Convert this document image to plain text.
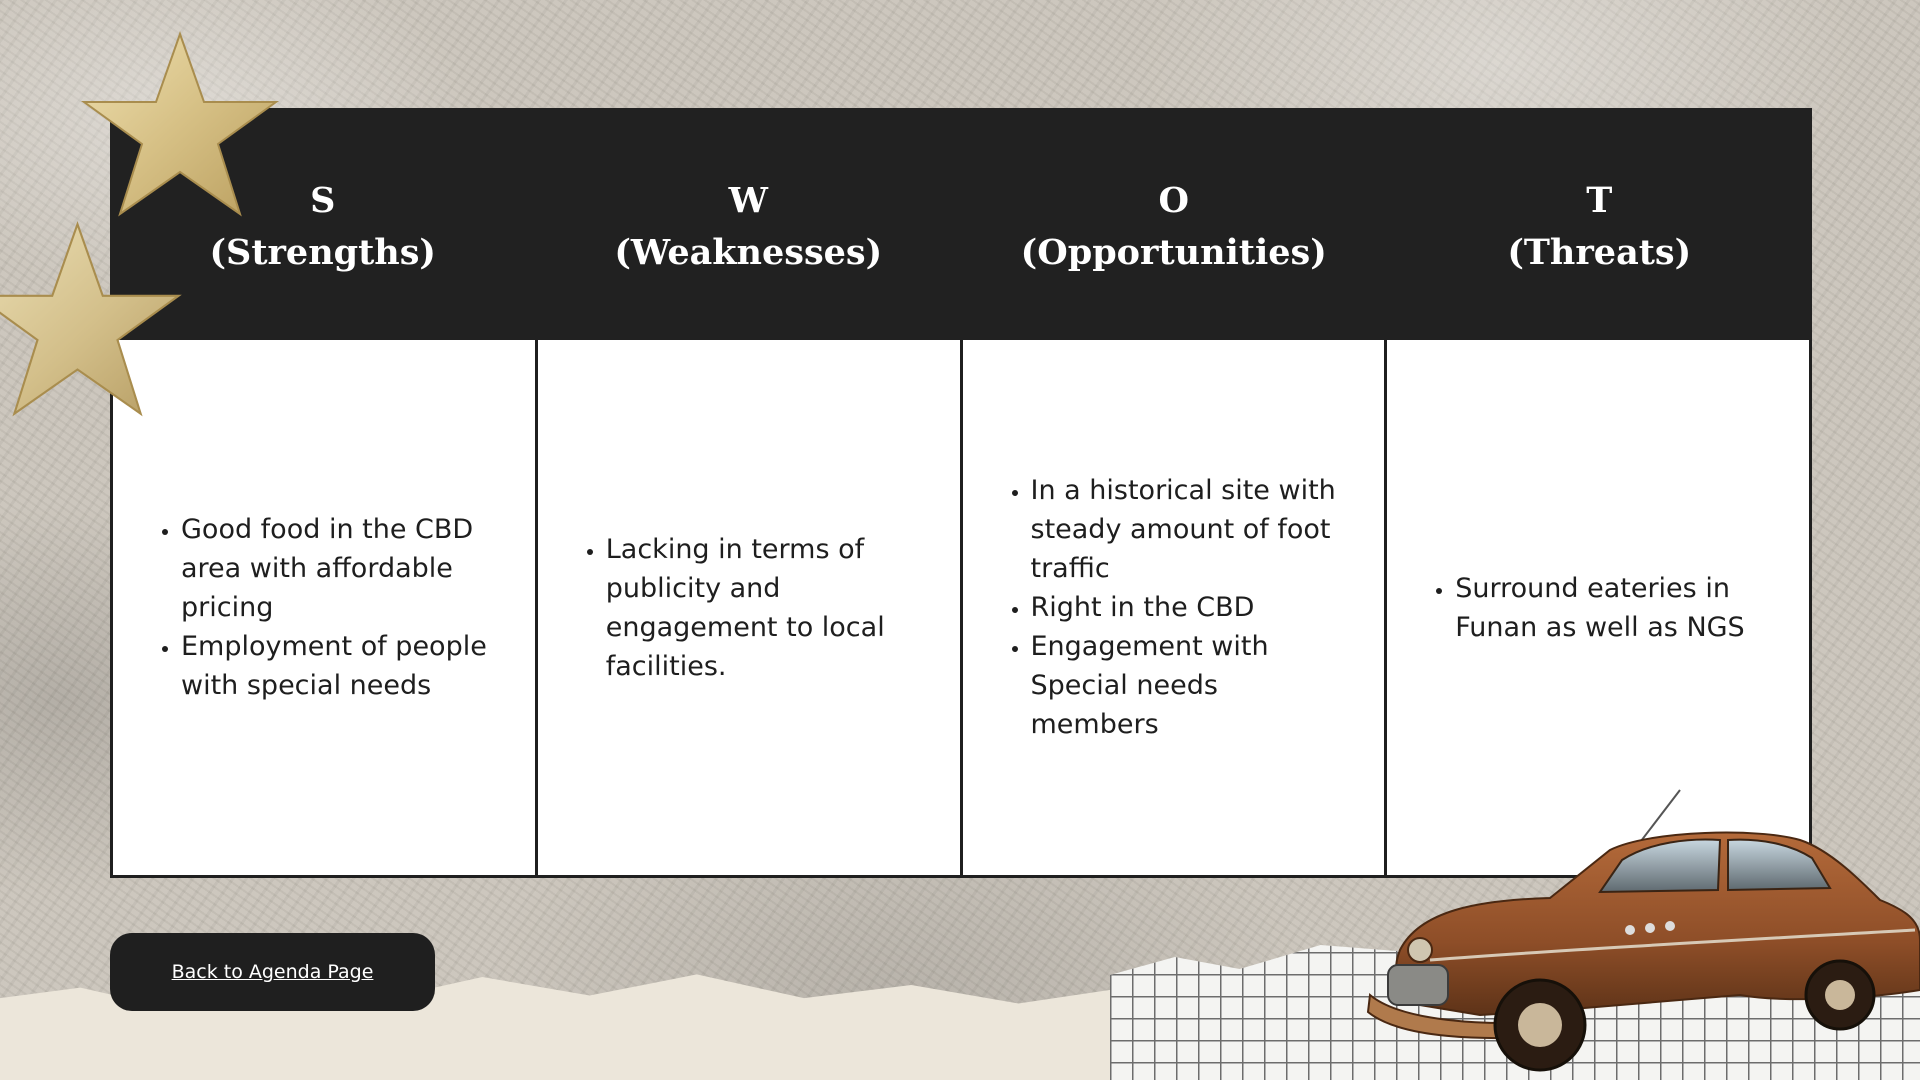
S
(Strengths)
W
(Weaknesses)
O
(Opportunities)
T
(Threats)
• Good food in the CBD area with affordable pricing
• Employment of people with special needs
• Lacking in terms of publicity and engagement to local facilities.
• In a historical site with steady amount of foot traffic
• Right in the CBD
• Engagement with Special needs members
• Surround eateries in Funan as well as NGS
Back to Agenda Page
